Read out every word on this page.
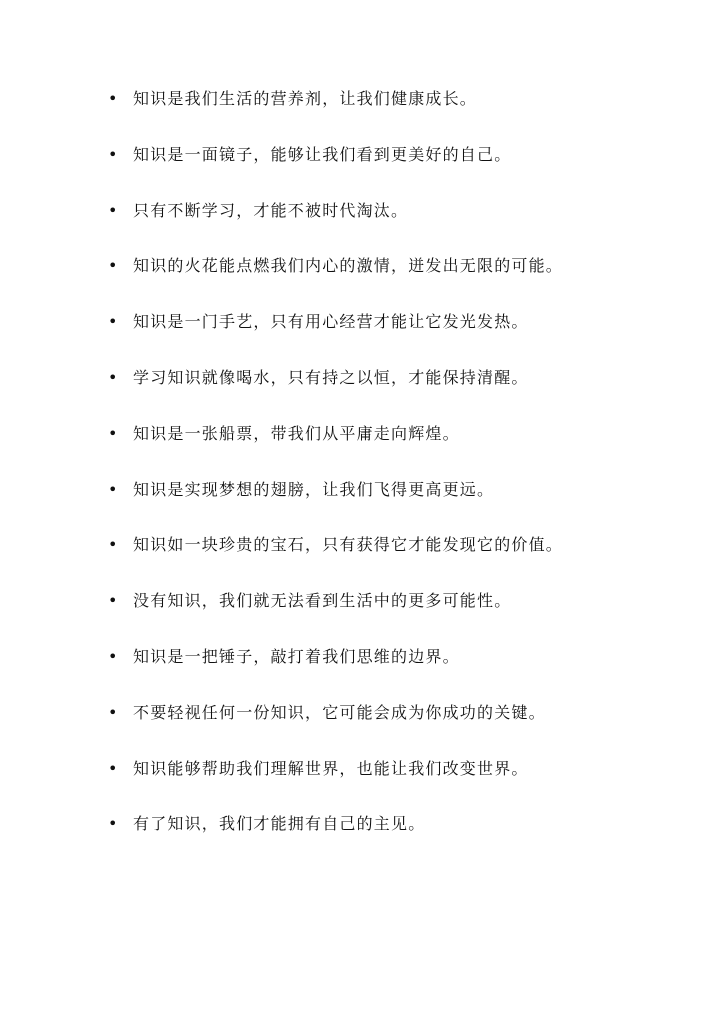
• 知识是我们生活的营养剂，让我们健康成长。
• 知识是一面镜子，能够让我们看到更美好的自己。
• 只有不断学习，才能不被时代淘汰。
• 知识的火花能点燃我们内心的激情，迸发出无限的可能。
• 知识是一门手艺，只有用心经营才能让它发光发热。
• 学习知识就像喝水，只有持之以恒，才能保持清醒。
• 知识是一张船票，带我们从平庸走向辉煌。
• 知识是实现梦想的翅膀，让我们飞得更高更远。
• 知识如一块珍贵的宝石，只有获得它才能发现它的价值。
• 没有知识，我们就无法看到生活中的更多可能性。
• 知识是一把锤子，敲打着我们思维的边界。
• 不要轻视任何一份知识，它可能会成为你成功的关键。
• 知识能够帮助我们理解世界，也能让我们改变世界。
• 有了知识，我们才能拥有自己的主见。
